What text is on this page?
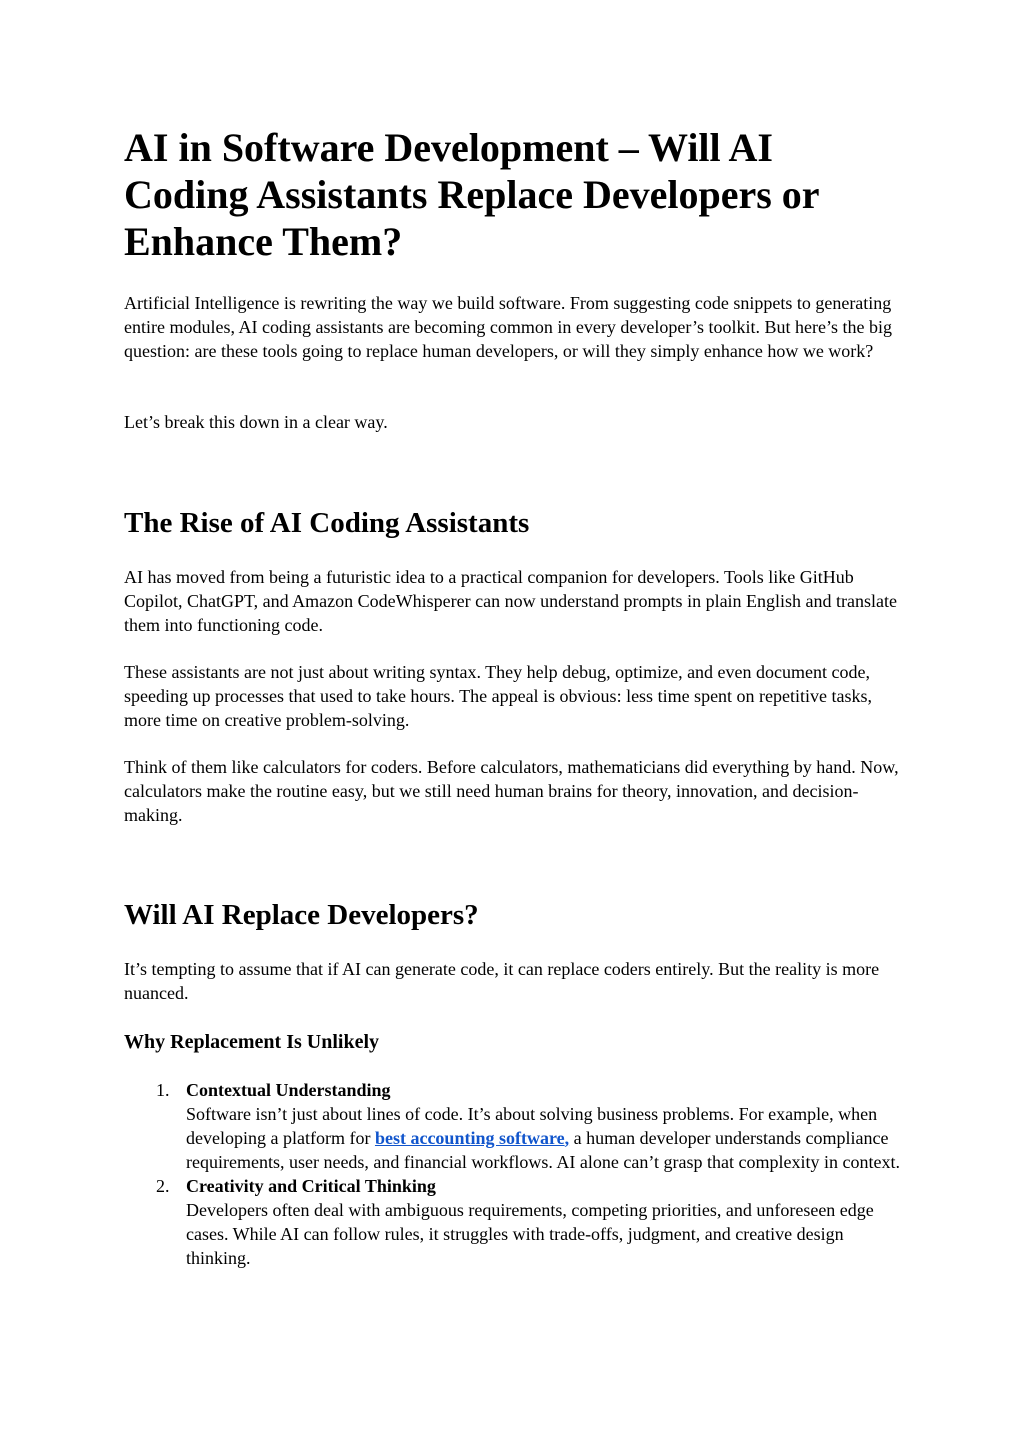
AI in Software Development – Will AI Coding Assistants Replace Developers or Enhance Them?

Artificial Intelligence is rewriting the way we build software. From suggesting code snippets to generating entire modules, AI coding assistants are becoming common in every developer’s toolkit. But here’s the big question: are these tools going to replace human developers, or will they simply enhance how we work?

Let’s break this down in a clear way.

The Rise of AI Coding Assistants

AI has moved from being a futuristic idea to a practical companion for developers. Tools like GitHub Copilot, ChatGPT, and Amazon CodeWhisperer can now understand prompts in plain English and translate them into functioning code.

These assistants are not just about writing syntax. They help debug, optimize, and even document code, speeding up processes that used to take hours. The appeal is obvious: less time spent on repetitive tasks, more time on creative problem-solving.

Think of them like calculators for coders. Before calculators, mathematicians did everything by hand. Now, calculators make the routine easy, but we still need human brains for theory, innovation, and decision-making.

Will AI Replace Developers?

It’s tempting to assume that if AI can generate code, it can replace coders entirely. But the reality is more nuanced.

Why Replacement Is Unlikely
1. Contextual Understanding
Software isn’t just about lines of code. It’s about solving business problems. For example, when developing a platform for best accounting software, a human developer understands compliance requirements, user needs, and financial workflows. AI alone can’t grasp that complexity in context.
2. Creativity and Critical Thinking
Developers often deal with ambiguous requirements, competing priorities, and unforeseen edge cases. While AI can follow rules, it struggles with trade-offs, judgment, and creative design thinking.
